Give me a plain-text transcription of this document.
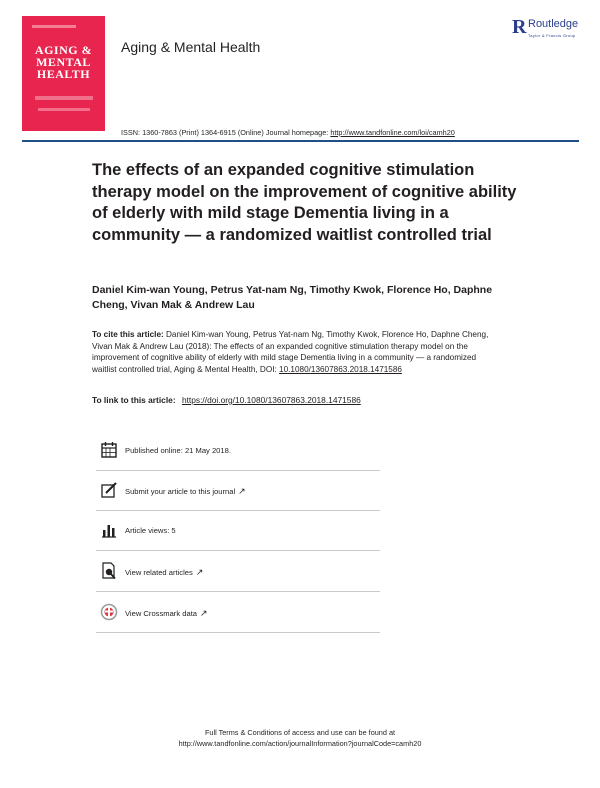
AGING &
MENTAL
HEALTH
Aging & Mental Health
R Routledge
Taylor & Francis Group
ISSN: 1360-7863 (Print) 1364-6915 (Online) Journal homepage: http://www.tandfonline.com/loi/camh20
The effects of an expanded cognitive stimulation therapy model on the improvement of cognitive ability of elderly with mild stage Dementia living in a community — a randomized waitlist controlled trial

Daniel Kim-wan Young, Petrus Yat-nam Ng, Timothy Kwok, Florence Ho, Daphne Cheng, Vivan Mak & Andrew Lau

To cite this article: Daniel Kim-wan Young, Petrus Yat-nam Ng, Timothy Kwok, Florence Ho, Daphne Cheng, Vivan Mak & Andrew Lau (2018): The effects of an expanded cognitive stimulation therapy model on the improvement of cognitive ability of elderly with mild stage Dementia living in a community — a randomized waitlist controlled trial, Aging & Mental Health, DOI: 10.1080/13607863.2018.1471586

To link to this article: https://doi.org/10.1080/13607863.2018.1471586
Published online: 21 May 2018.
Submit your article to this journal ↗
Article views: 5
View related articles ↗
View Crossmark data ↗
Full Terms & Conditions of access and use can be found at
http://www.tandfonline.com/action/journalInformation?journalCode=camh20
